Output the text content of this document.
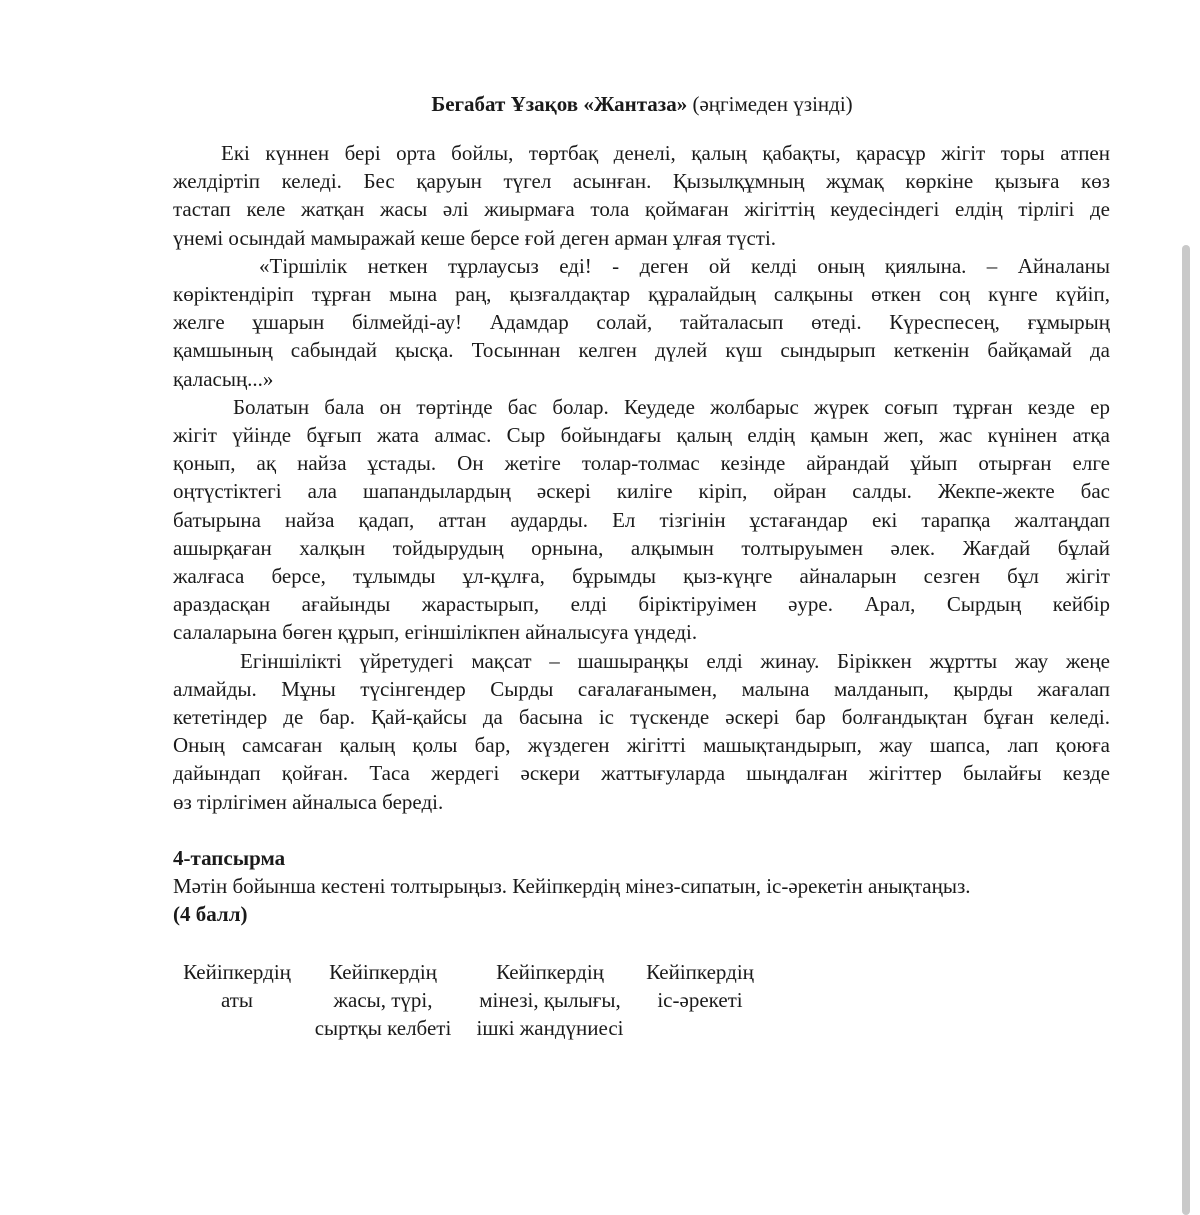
Бегабат Ұзақов «Жантаза» (әңгімеден үзінді)
Екі күннен бері орта бойлы, төртбақ денелі, қалың қабақты, қарасұр жігіт торы атпен
желдіртіп келеді. Бес қаруын түгел асынған. Қызылқұмның жұмақ көркіне қызыға көз
тастап келе жатқан жасы әлі жиырмаға тола қоймаған жігіттің кеудесіндегі елдің тірлігі де
үнемі осындай мамыражай кеше берсе ғой деген арман ұлғая түсті.
«Тіршілік неткен тұрлаусыз еді! - деген ой келді оның қиялына. – Айналаны
көріктендіріп тұрған мына раң, қызғалдақтар құралайдың салқыны өткен соң күнге күйіп,
желге ұшарын білмейді-ау! Адамдар солай, тайталасып өтеді. Күреспесең, ғұмырың
қамшының сабындай қысқа. Тосыннан келген дүлей күш сындырып кеткенін байқамай да
қаласың...»
Болатын бала он төртінде бас болар. Кеудеде жолбарыс жүрек соғып тұрған кезде ер
жігіт үйінде бұғып жата алмас. Сыр бойындағы қалың елдің қамын жеп, жас күнінен атқа
қонып, ақ найза ұстады. Он жетіге толар-толмас кезінде айрандай ұйып отырған елге
оңтүстіктегі ала шапандылардың әскері килігe кіріп, ойран салды. Жекпе-жекте бас
батырына найза қадап, аттан аударды. Ел тізгінін ұстағандар екі тарапқа жалтаңдап
ашырқаған халқын тойдырудың орнына, алқымын толтыруымен әлек. Жағдай бұлай
жалғаса берсе, тұлымды ұл-құлға, бұрымды қыз-күңге айналарын сезген бұл жігіт
араздасқан ағайынды жарастырып, елді біріктіруімен әуре. Арал, Сырдың кейбір
салаларына бөген құрып, егіншілікпен айналысуға үндеді.
Егіншілікті үйретудегі мақсат – шашыраңқы елді жинау. Біріккен жұртты жау жеңе
алмайды. Мұны түсінгендер Сырды сағалағанымен, малына малданып, қырды жағалап
кететіндер де бар. Қай-қайсы да басына іс түскенде әскері бар болғандықтан бұған келеді.
Оның самсаған қалың қолы бар, жүздеген жігітті машықтандырып, жау шапса, лап қоюға
дайындап қойған. Таса жердегі әскери жаттығуларда шыңдалған жігіттер былайғы кезде
өз тірлігімен айналыса береді.
4-тапсырма
Мәтін бойынша кестені толтырыңыз. Кейіпкердің мінез-сипатын, іс-әрекетін анықтаңыз.
(4 балл)
Кейіпкердің
аты
Кейіпкердің
жасы, түрі,
сыртқы келбеті
Кейіпкердің
мінезі, қылығы,
ішкі жандүниесі
Кейіпкердің
іс-әрекеті
